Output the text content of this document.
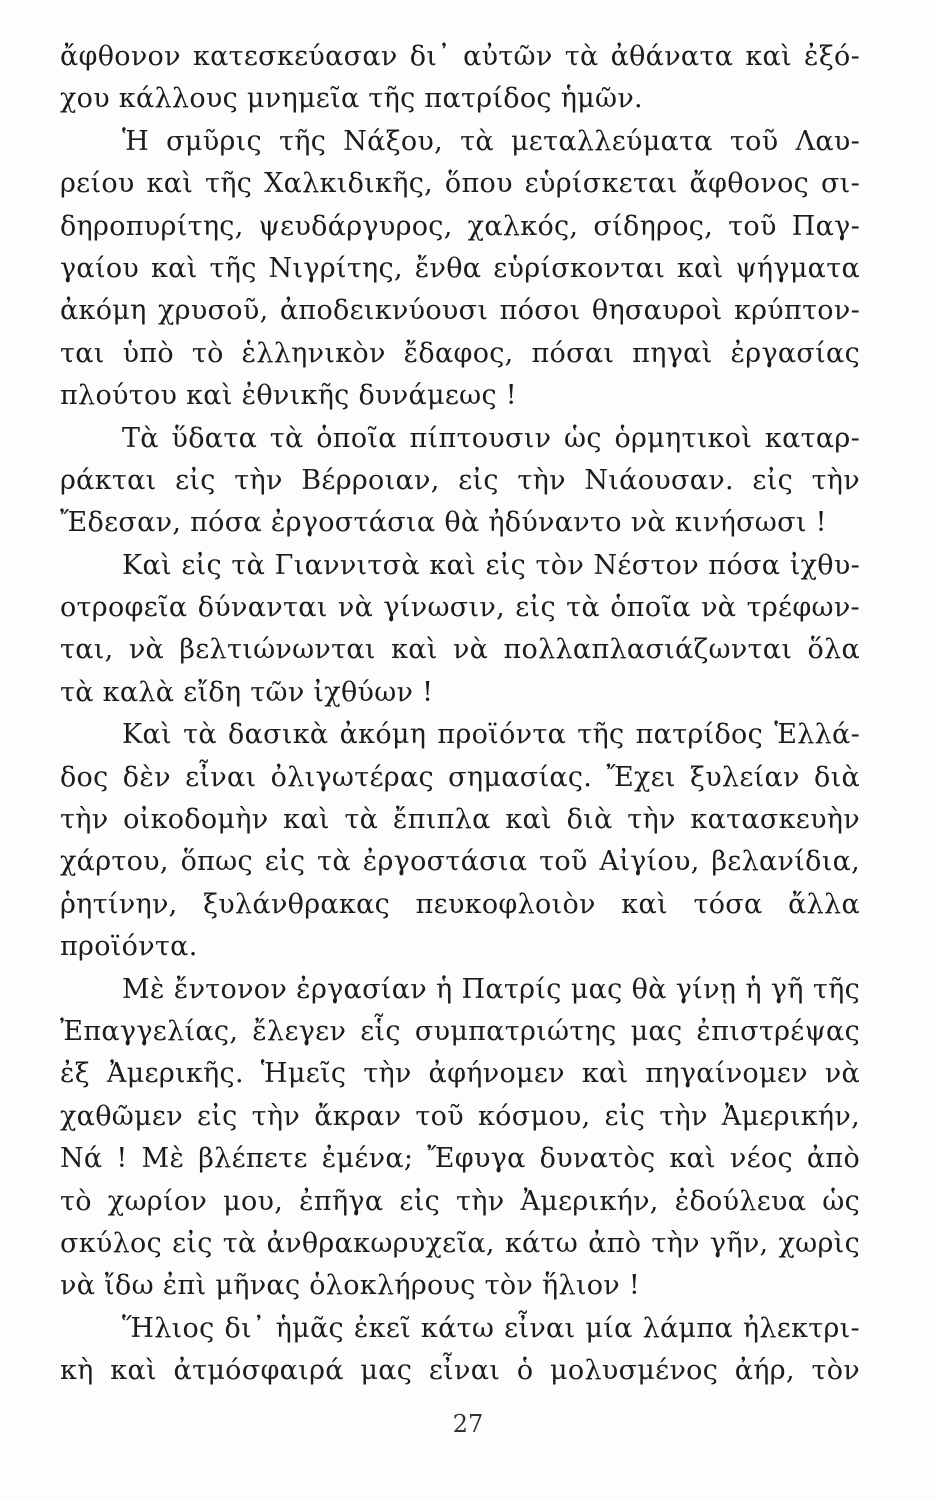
ἄφθονον κατεσκεύασαν δι᾿ αὐτῶν τὰ ἀθάνατα καὶ ἐξό-
χου κάλλους μνημεῖα τῆς πατρίδος ἡμῶν.
Ἡ σμῦρις τῆς Νάξου, τὰ μεταλλεύματα τοῦ Λαυ-
ρείου καὶ τῆς Χαλκιδικῆς, ὅπου εὑρίσκεται ἄφθονος σι-
δηροπυρίτης, ψευδάργυρος, χαλκός, σίδηρος, τοῦ Παγ-
γαίου καὶ τῆς Νιγρίτης, ἔνθα εὑρίσκονται καὶ ψήγματα
ἀκόμη χρυσοῦ, ἀποδεικνύουσι πόσοι θησαυροὶ κρύπτον-
ται ὑπὸ τὸ ἑλληνικὸν ἔδαφος, πόσαι πηγαὶ ἐργασίας
πλούτου καὶ ἐθνικῆς δυνάμεως !
Τὰ ὕδατα τὰ ὁποῖα πίπτουσιν ὡς ὁρμητικοὶ καταρ-
ράκται εἰς τὴν Βέρροιαν, εἰς τὴν Νιάουσαν. εἰς τὴν
Ἔδεσαν, πόσα ἐργοστάσια θὰ ἠδύναντο νὰ κινήσωσι !
Καὶ εἰς τὰ Γιαννιτσὰ καὶ εἰς τὸν Νέστον πόσα ἰχθυ-
οτροφεῖα δύνανται νὰ γίνωσιν, εἰς τὰ ὁποῖα νὰ τρέφων-
ται, νὰ βελτιώνωνται καὶ νὰ πολλαπλασιάζωνται ὅλα
τὰ καλὰ εἴδη τῶν ἰχθύων !
Καὶ τὰ δασικὰ ἀκόμη προϊόντα τῆς πατρίδος Ἑλλά-
δος δὲν εἶναι ὀλιγωτέρας σημασίας. Ἔχει ξυλείαν διὰ
τὴν οἰκοδομὴν καὶ τὰ ἔπιπλα καὶ διὰ τὴν κατασκευὴν
χάρτου, ὅπως εἰς τὰ ἐργοστάσια τοῦ Αἰγίου, βελανίδια,
ῥητίνην, ξυλάνθρακας πευκοφλοιὸν καὶ τόσα ἄλλα
προϊόντα.
Μὲ ἔντονον ἐργασίαν ἡ Πατρίς μας θὰ γίνῃ ἡ γῆ τῆς
Ἐπαγγελίας, ἔλεγεν εἷς συμπατριώτης μας ἐπιστρέψας
ἐξ Ἀμερικῆς. Ἡμεῖς τὴν ἀφήνομεν καὶ πηγαίνομεν νὰ
χαθῶμεν εἰς τὴν ἄκραν τοῦ κόσμου, εἰς τὴν Ἀμερικήν,
Νά ! Μὲ βλέπετε ἐμένα; Ἔφυγα δυνατὸς καὶ νέος ἀπὸ
τὸ χωρίον μου, ἐπῆγα εἰς τὴν Ἀμερικήν, ἐδούλευα ὡς
σκύλος εἰς τὰ ἀνθρακωρυχεῖα, κάτω ἀπὸ τὴν γῆν, χωρὶς
νὰ ἴδω ἐπὶ μῆνας ὁλοκλήρους τὸν ἥλιον !
Ἥλιος δι᾿ ἡμᾶς ἐκεῖ κάτω εἶναι μία λάμπα ἠλεκτρι-
κὴ καὶ ἀτμόσφαιρά μας εἶναι ὁ μολυσμένος ἀήρ, τὸν
27
